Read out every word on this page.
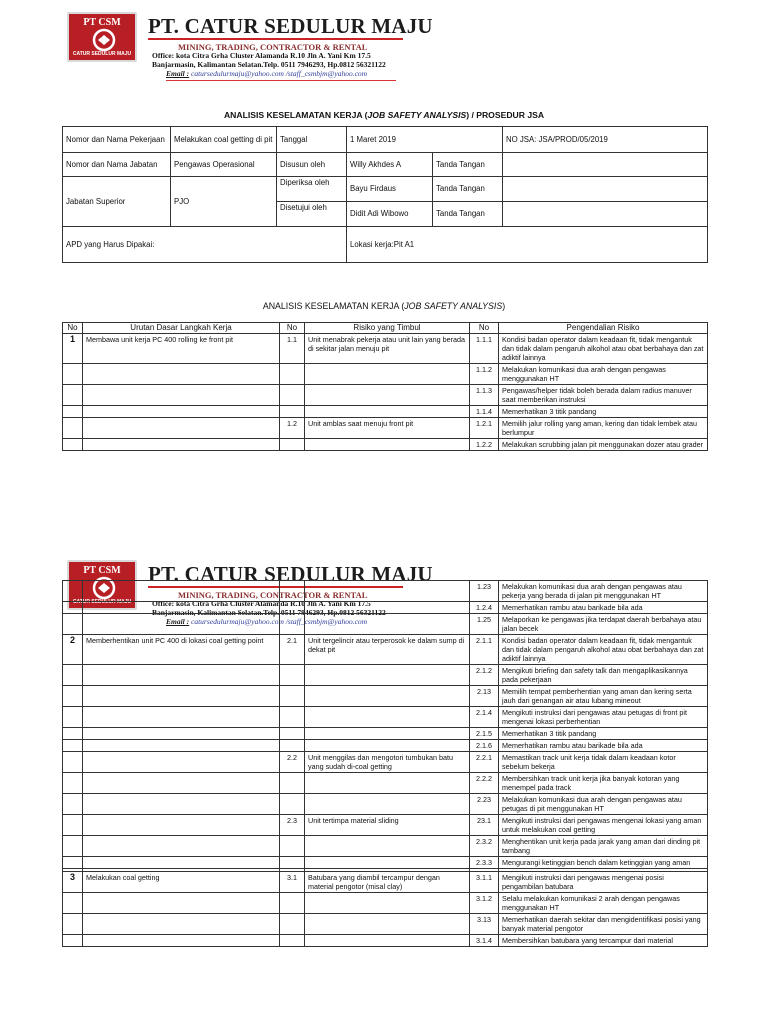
PT CSM
CATUR SEDULUR MAJU
PT. CATUR SEDULUR MAJU
MINING, TRADING, CONTRACTOR & RENTAL
Office: kota Citra Grha Cluster Alamanda R.10 Jln A. Yani Km 17.5
Banjarmasin, Kalimantan Selatan.Telp. 0511 7946293, Hp.0812 56321122
Email : catursedulurmaju@yahoo.com /staff_csmbjm@yahoo.com
ANALISIS KESELAMATAN KERJA (JOB SAFETY ANALYSIS) / PROSEDUR JSA
Nomor dan Nama Pekerjaan	Melakukan coal getting di pit	Tanggal	1 Maret 2019		NO JSA: JSA/PROD/05/2019
Nomor dan Nama Jabatan	Pengawas Operasional	Disusun oleh	Willy Akhdes A	Tanda Tangan	
Jabatan Superior	PJO	Diperiksa oleh	Bayu Firdaus	Tanda Tangan	
		Disetujui oleh	Didit Adi Wibowo	Tanda Tangan	
APD yang Harus Dipakai:			Lokasi kerja:Pit A1		
ANALISIS KESELAMATAN KERJA (JOB SAFETY ANALYSIS)
No	Urutan Dasar Langkah Kerja	No	Risiko yang Timbul	No	Pengendalian Risiko
1	Membawa unit kerja PC 400 rolling ke front pit	1.1	Unit menabrak pekerja atau unit lain yang berada di sekitar jalan menuju pit	1.1.1	Kondisi badan operator dalam keadaan fit, tidak mengantuk dan tidak dalam pengaruh alkohol atau obat berbahaya dan zat adiktif lainnya
				1.1.2	Melakukan komunikasi dua arah dengan pengawas menggunakan HT
				1.1.3	Pengawas/helper tidak boleh berada dalam radius manuver saat memberikan instruksi
				1.1.4	Memerhatikan 3 titik pandang
		1.2	Unit amblas saat menuju front pit	1.2.1	Memilih jalur rolling yang aman, kering dan tidak lembek atau berlumpur
				1.2.2	Melakukan scrubbing jalan pit menggunakan dozer atau grader
PT CSM
CATUR SEDULUR MAJU
PT. CATUR SEDULUR MAJU
MINING, TRADING, CONTRACTOR & RENTAL
Office: kota Citra Grha Cluster Alamanda R.10 Jln A. Yani Km 17.5
Banjarmasin, Kalimantan Selatan.Telp. 0511 7946293, Hp.0812 56321122
Email : catursedulurmaju@yahoo.com /staff_csmbjm@yahoo.com
				1.23	Melakukan komunikasi dua arah dengan pengawas atau pekerja yang berada di jalan pit menggunakan HT
				1.2.4	Memerhatikan rambu atau barikade bila ada
				1.25	Melaporkan ke pengawas jika terdapat daerah berbahaya atau jalan becek
2	Memberhentikan unit PC 400 di lokasi coal getting point	2.1	Unit tergelincir atau terperosok ke dalam sump di dekat pit	2.1.1	Kondisi badan operator dalam keadaan fit, tidak mengantuk dan tidak dalam pengaruh alkohol atau obat berbahaya dan zat adiktif lainnya
				2.1.2	Mengikuti briefing dan safety talk dan mengaplikasikannya pada pekerjaan
				2.13	Memilih tempat pemberhentian yang aman dan kering serta jauh dari genangan air atau lubang mineout
				2.1.4	Mengikuti instruksi dari pengawas atau petugas di front pit mengenai lokasi perberhentian
				2.1.5	Memerhatikan 3 titik pandang
				2.1.6	Memerhatikan rambu atau barikade bila ada
		2.2	Unit menggilas dan mengotori tumbukan batu yang sudah di-coal getting	2.2.1	Memastikan track unit kerja tidak dalam keadaan kotor sebelum bekerja
				2.2.2	Membersihkan track unit kerja jika banyak kotoran yang menempel pada track
				2.23	Melakukan komunikasi dua arah dengan pengawas atau petugas di pit menggunakan HT
		2.3	Unit tertimpa material sliding	23.1	Mengikuti instruksi dari pengawas mengenai lokasi yang aman untuk melakukan coal getting
				2.3.2	Menghentikan unit kerja pada jarak yang aman dari dinding pit tambang
				2.3.3	Mengurangi ketinggian bench dalam ketinggian yang aman

3	Melakukan coal getting	3.1	Batubara yang diambil tercampur dengan material pengotor (misal clay)	3.1.1	Mengikuti instruksi dari pengawas mengenai posisi pengambilan batubara
				3.1.2	Selalu melakukan komunikasi 2 arah dengan pengawas menggunakan HT
				3.13	Memerhatikan daerah sekitar dan mengidentifikasi posisi yang banyak material pengotor
				3.1.4	Membersihkan batubara yang tercampur dari material
